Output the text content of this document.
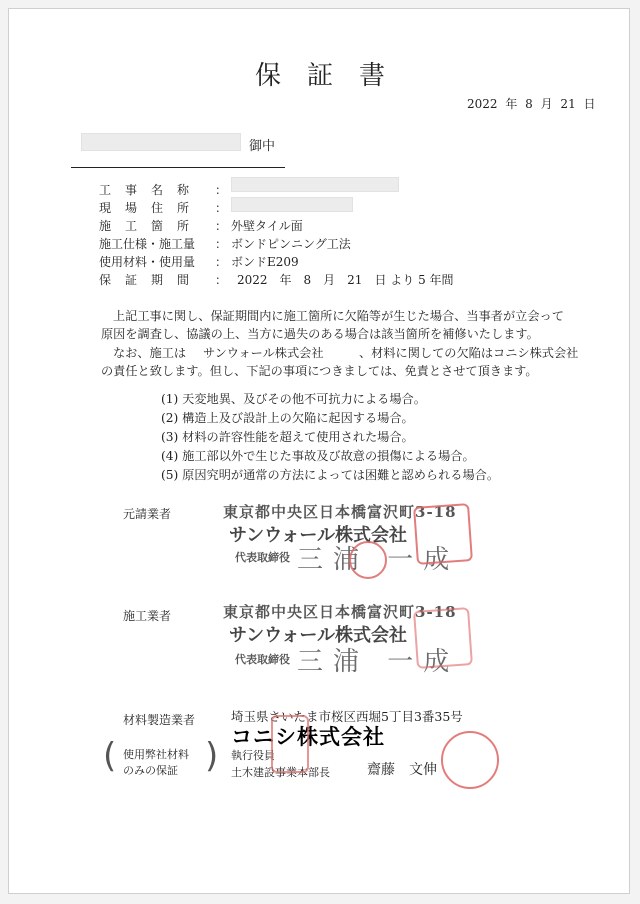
保証書
2022 年 8 月 21 日
御中
工事名称 ：
現場住所 ：
施工箇所 ： 外壁タイル面
施工仕様・施工量 ： ボンドピンニング工法
使用材料・使用量 ： ボンドE209
保証期間 ： 2022　年　8　月　21　日 より 5 年間
上記工事に関し、保証期間内に施工箇所に欠陥等が生じた場合、当事者が立会って
原因を調査し、協議の上、当方に過失のある場合は該当箇所を補修いたします。
なお、施工は サンウォール株式会社	、材料に関しての欠陥はコニシ株式会社
の責任と致します。但し、下記の事項につきましては、免責とさせて頂きます。
(1) 天変地異、及びその他不可抗力による場合。
(2) 構造上及び設計上の欠陥に起因する場合。
(3) 材料の許容性能を超えて使用された場合。
(4) 施工部以外で生じた事故及び故意の損傷による場合。
(5) 原因究明が通常の方法によっては困難と認められる場合。
元請業者	東京都中央区日本橋富沢町3-18
サンウォール株式会社
代表取締役 三浦 一成
施工業者	東京都中央区日本橋富沢町3-18
サンウォール株式会社
代表取締役 三浦 一成
材料製造業者	埼玉県さいたま市桜区西堀5丁目3番35号
コニシ株式会社
執行役員
土木建設事業本部長	齋藤　文伸
(	)
使用弊社材料
のみの保証
